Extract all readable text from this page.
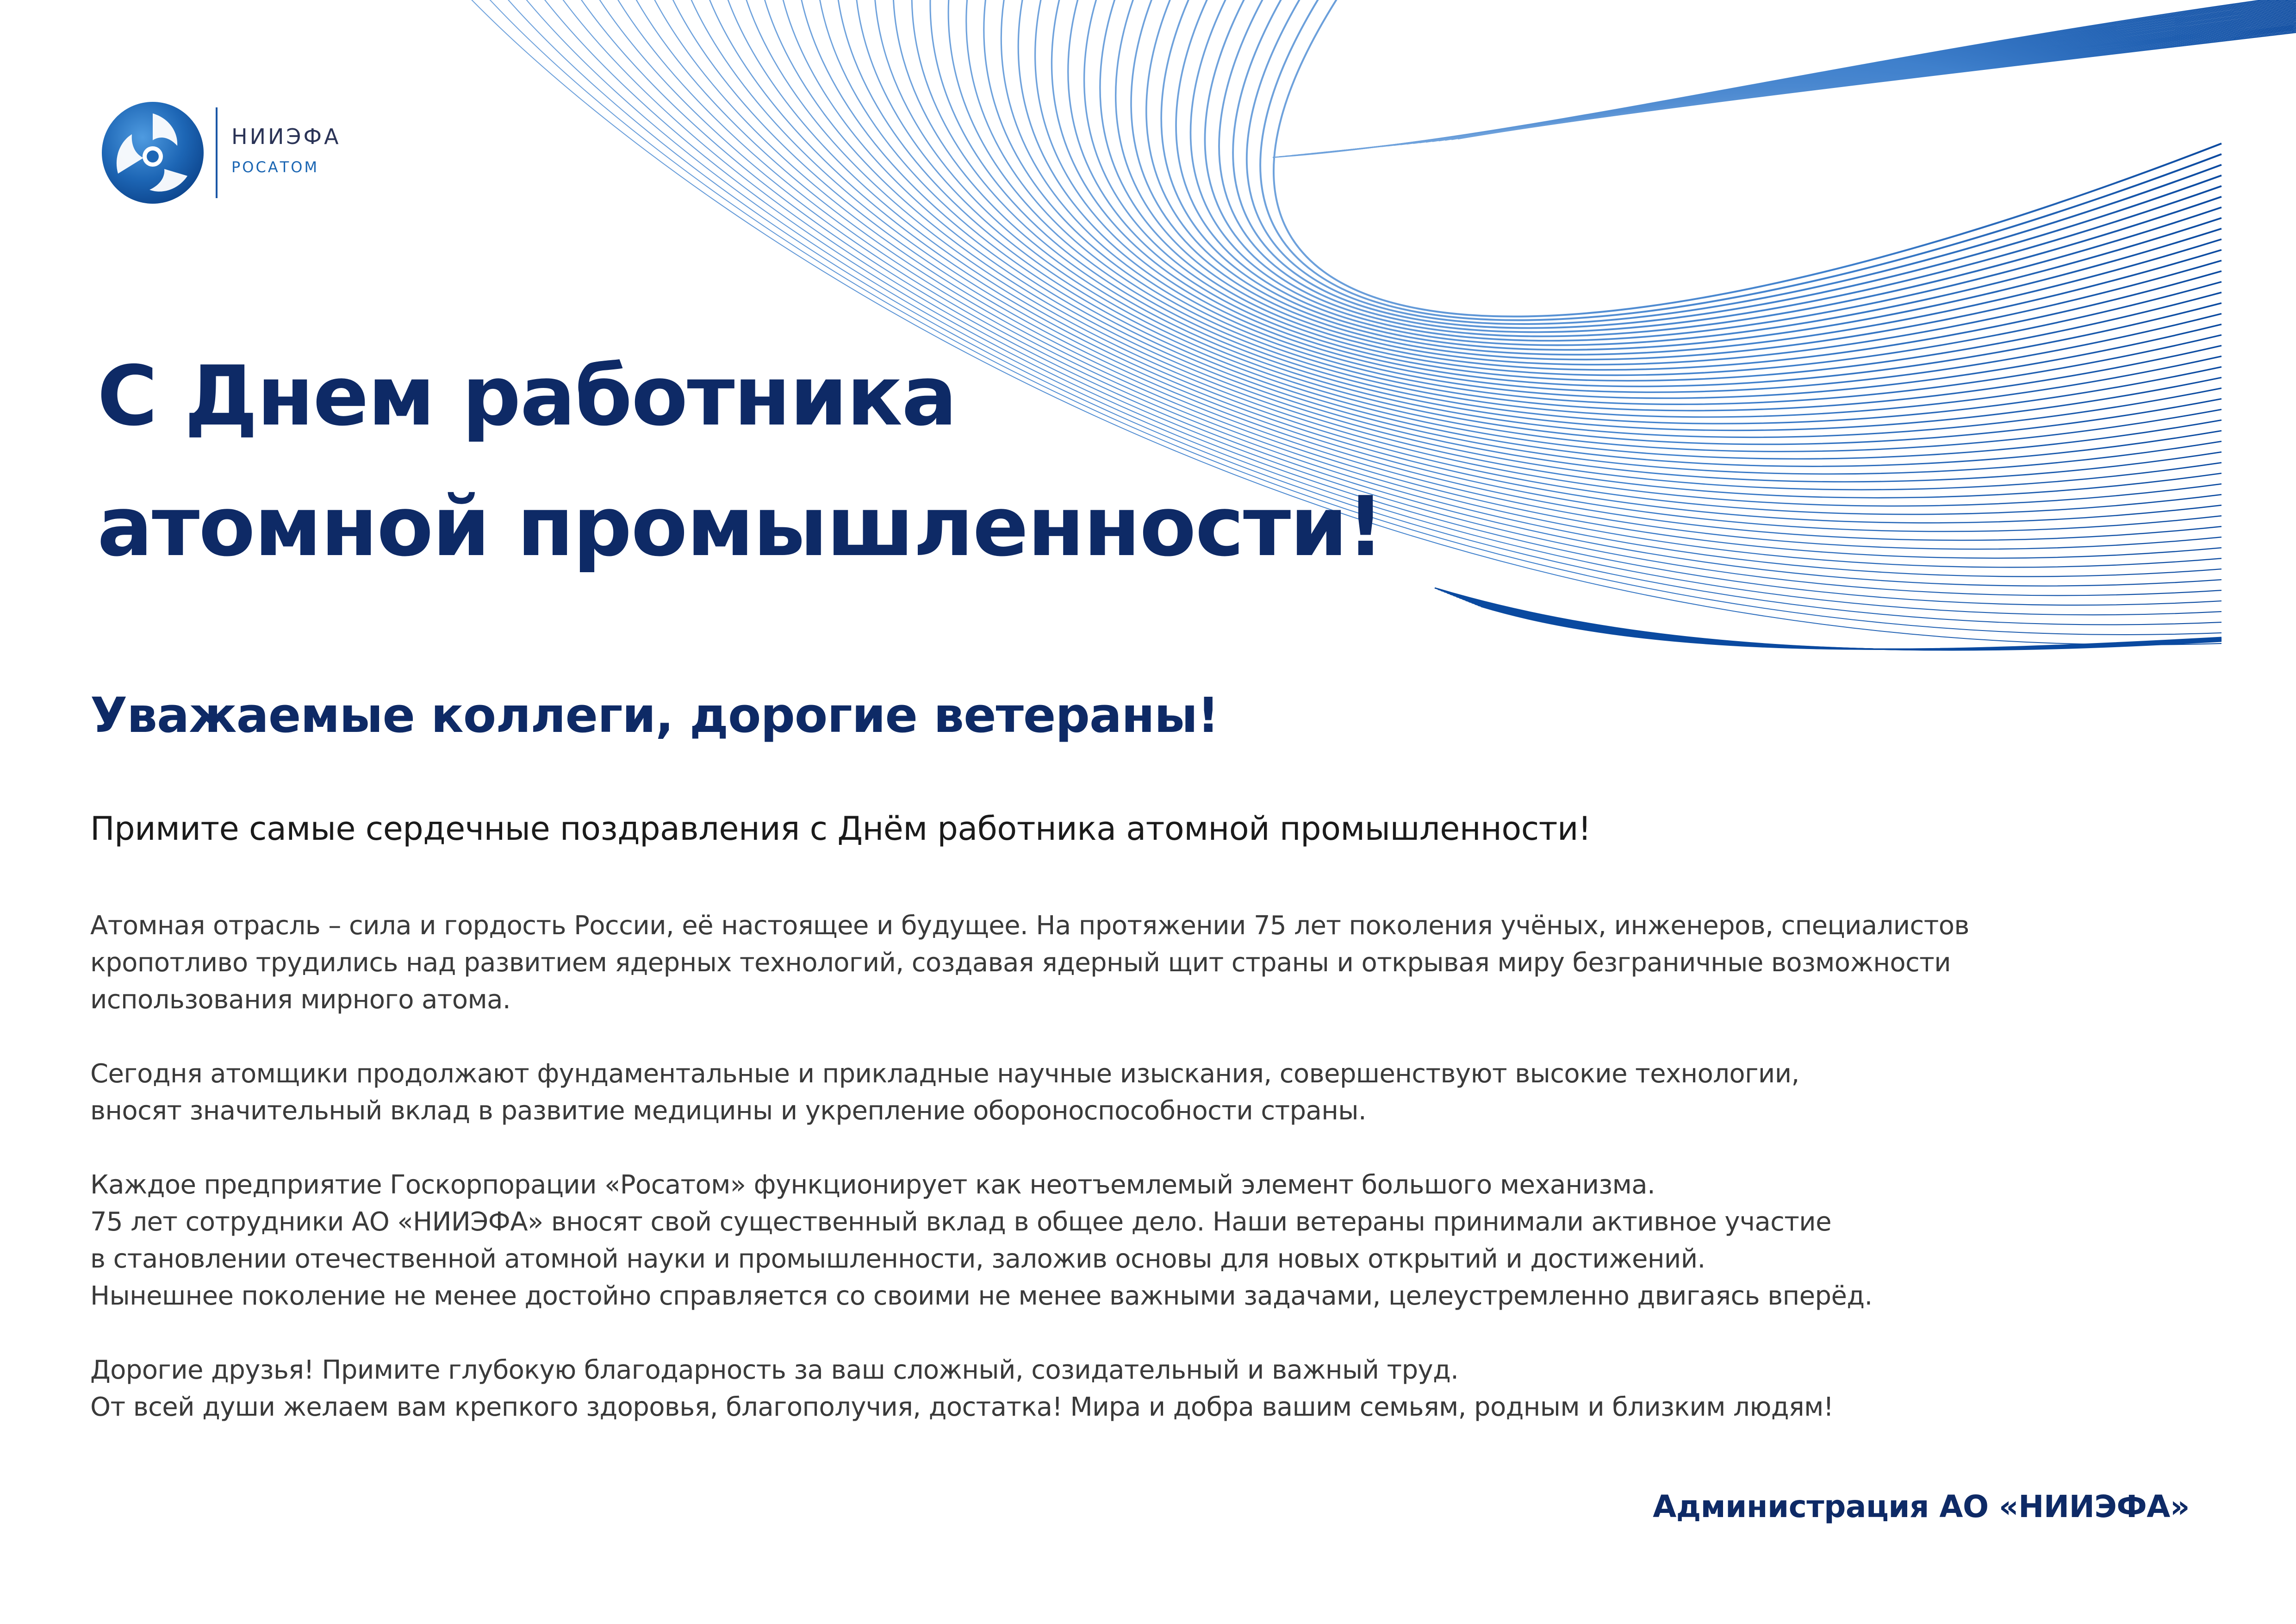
НИИЭФА
РОСАТОМ
С Днем работника
атомной промышленности!
Уважаемые коллеги, дорогие ветераны!
Примите самые сердечные поздравления с Днём работника атомной промышленности!

Атомная отрасль – сила и гордость России, её настоящее и будущее. На протяжении 75 лет поколения учёных, инженеров, специалистов
кропотливо трудились над развитием ядерных технологий, создавая ядерный щит страны и открывая миру безграничные возможности
использования мирного атома.

Сегодня атомщики продолжают фундаментальные и прикладные научные изыскания, совершенствуют высокие технологии,
вносят значительный вклад в развитие медицины и укрепление обороноспособности страны.

Каждое предприятие Госкорпорации «Росатом» функционирует как неотъемлемый элемент большого механизма.
75 лет сотрудники АО «НИИЭФА» вносят свой существенный вклад в общее дело. Наши ветераны принимали активное участие
в становлении отечественной атомной науки и промышленности, заложив основы для новых открытий и достижений.
Нынешнее поколение не менее достойно справляется со своими не менее важными задачами, целеустремленно двигаясь вперёд.

Дорогие друзья! Примите глубокую благодарность за ваш сложный, созидательный и важный труд.
От всей души желаем вам крепкого здоровья, благополучия, достатка! Мира и добра вашим семьям, родным и близким людям!

Администрация АО «НИИЭФА»
